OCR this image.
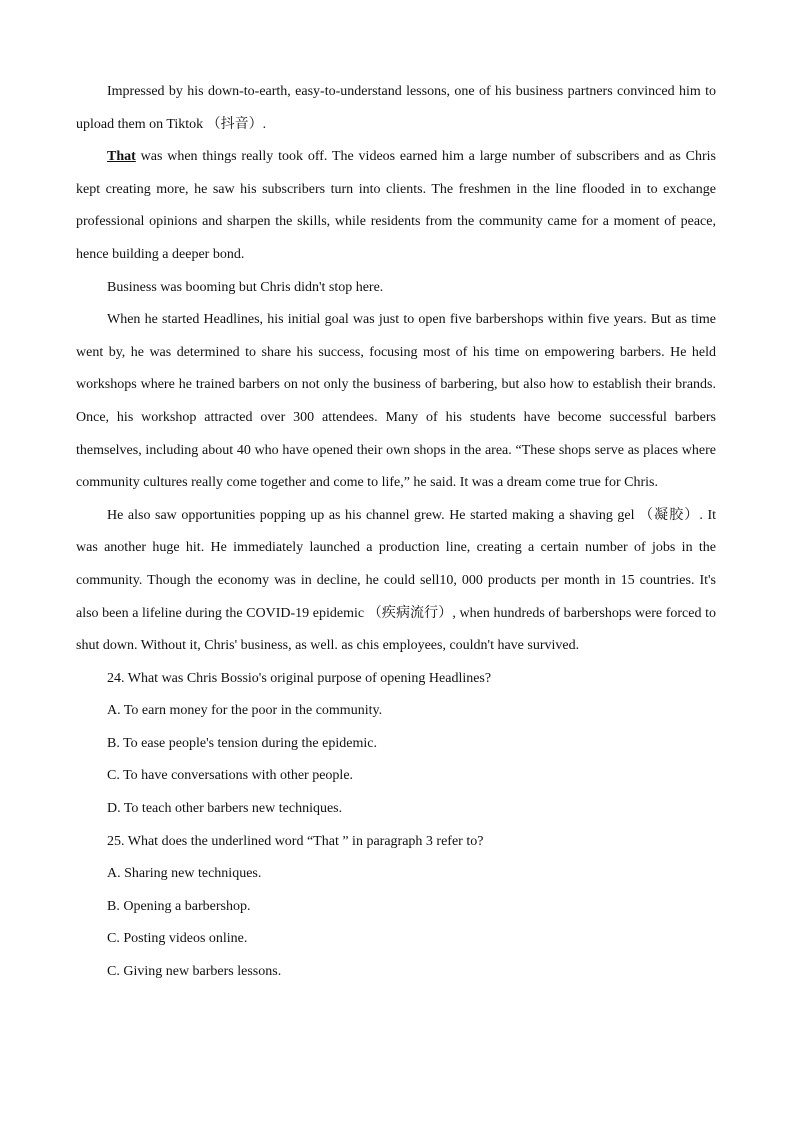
Impressed by his down-to-earth, easy-to-understand lessons, one of his business partners convinced him to upload them on Tiktok （抖音）.

That was when things really took off. The videos earned him a large number of subscribers and as Chris kept creating more, he saw his subscribers turn into clients. The freshmen in the line flooded in to exchange professional opinions and sharpen the skills, while residents from the community came for a moment of peace, hence building a deeper bond.

Business was booming but Chris didn't stop here.

When he started Headlines, his initial goal was just to open five barbershops within five years. But as time went by, he was determined to share his success, focusing most of his time on empowering barbers. He held workshops where he trained barbers on not only the business of barbering, but also how to establish their brands. Once, his workshop attracted over 300 attendees. Many of his students have become successful barbers themselves, including about 40 who have opened their own shops in the area. “These shops serve as places where community cultures really come together and come to life,” he said. It was a dream come true for Chris.

He also saw opportunities popping up as his channel grew. He started making a shaving gel （凝胶）. It was another huge hit. He immediately launched a production line, creating a certain number of jobs in the community. Though the economy was in decline, he could sell10, 000 products per month in 15 countries. It's also been a lifeline during the COVID-19 epidemic （疾病流行）, when hundreds of barbershops were forced to shut down. Without it, Chris' business, as well. as chis employees, couldn't have survived.

24. What was Chris Bossio's original purpose of opening Headlines?

A. To earn money for the poor in the community.

B. To ease people's tension during the epidemic.

C. To have conversations with other people.

D. To teach other barbers new techniques.

25. What does the underlined word “That ” in paragraph 3 refer to?

A. Sharing new techniques.

B. Opening a barbershop.

C. Posting videos online.

C. Giving new barbers lessons.
